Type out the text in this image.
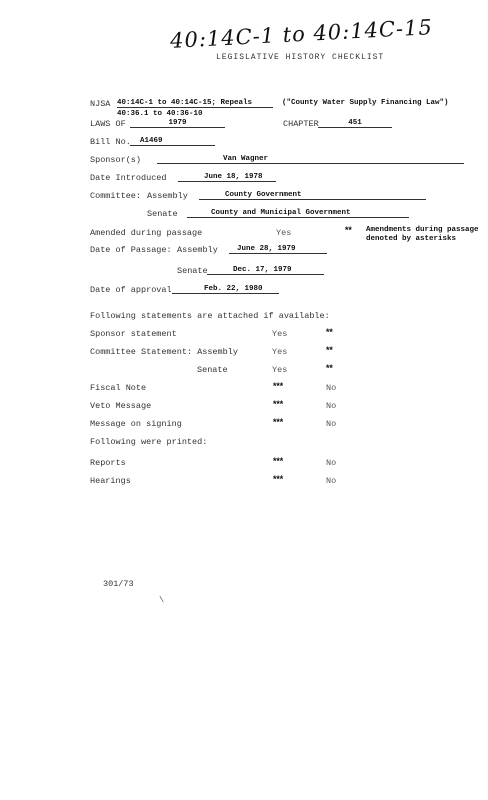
40:14C-1 to 40:14C-15
LEGISLATIVE HISTORY CHECKLIST
NJSA 40:14C-1 to 40:14C-15; Repeals	("County Water Supply Financing Law")
40:36.1 to 40:36-10
LAWS OF	1979	CHAPTER	451
Bill No.	A1469
Sponsor(s)	Van Wagner
Date Introduced	June 18, 1978
Committee: Assembly	County Government
Senate	County and Municipal Government
Amended during passage	Yes	** Amendments during passage
denoted by asterisks
Date of Passage: Assembly	June 28, 1979
Senate	Dec. 17, 1979
Date of approval	Feb. 22, 1980
Following statements are attached if available:
Sponsor statement	Yes	**
Committee Statement: Assembly	Yes	**
Senate	Yes	**
Fiscal Note	***	No
Veto Message	***	No
Message on signing	***	No
Following were printed:
Reports	***	No
Hearings	***	No
301/73
\
